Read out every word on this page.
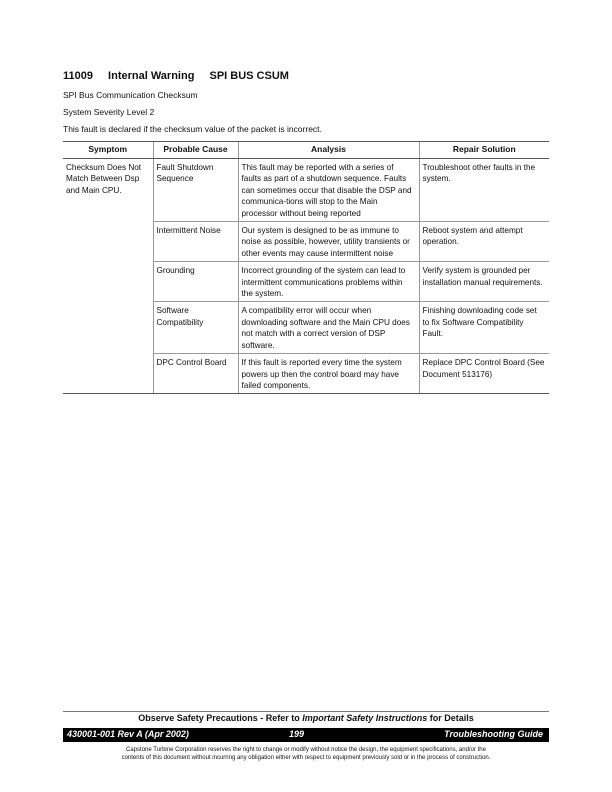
11009 Internal Warning SPI BUS CSUM
SPI Bus Communication Checksum
System Severity Level 2
This fault is declared if the checksum value of the packet is incorrect.
Symptom	Probable Cause	Analysis	Repair Solution
Checksum Does Not Match Between Dsp and Main CPU.	Fault Shutdown Sequence	This fault may be reported with a series of faults as part of a shutdown sequence. Faults can sometimes occur that disable the DSP and communica-tions will stop to the Main processor without being reported	Troubleshoot other faults in the system.
	Intermittent Noise	Our system is designed to be as immune to noise as possible, however, utility transients or other events may cause intermittent noise	Reboot system and attempt operation.
	Grounding	Incorrect grounding of the system can lead to intermittent communications problems within the system.	Verify system is grounded per installation manual requirements.
	Software Compatibility	A compatibility error will occur when downloading software and the Main CPU does not match with a correct version of DSP software.	Finishing downloading code set to fix Software Compatibility Fault.
	DPC Control Board	If this fault is reported every time the system powers up then the control board may have failed components.	Replace DPC Control Board (See Document 513176)
Observe Safety Precautions - Refer to Important Safety Instructions for Details
430001-001 Rev A (Apr 2002)	199	Troubleshooting Guide
Capstone Turbine Corporation reserves the right to change or modify without notice the design, the equipment specifications, and/or the
contents of this document without incurring any obligation either with respect to equipment previously sold or in the process of construction.
